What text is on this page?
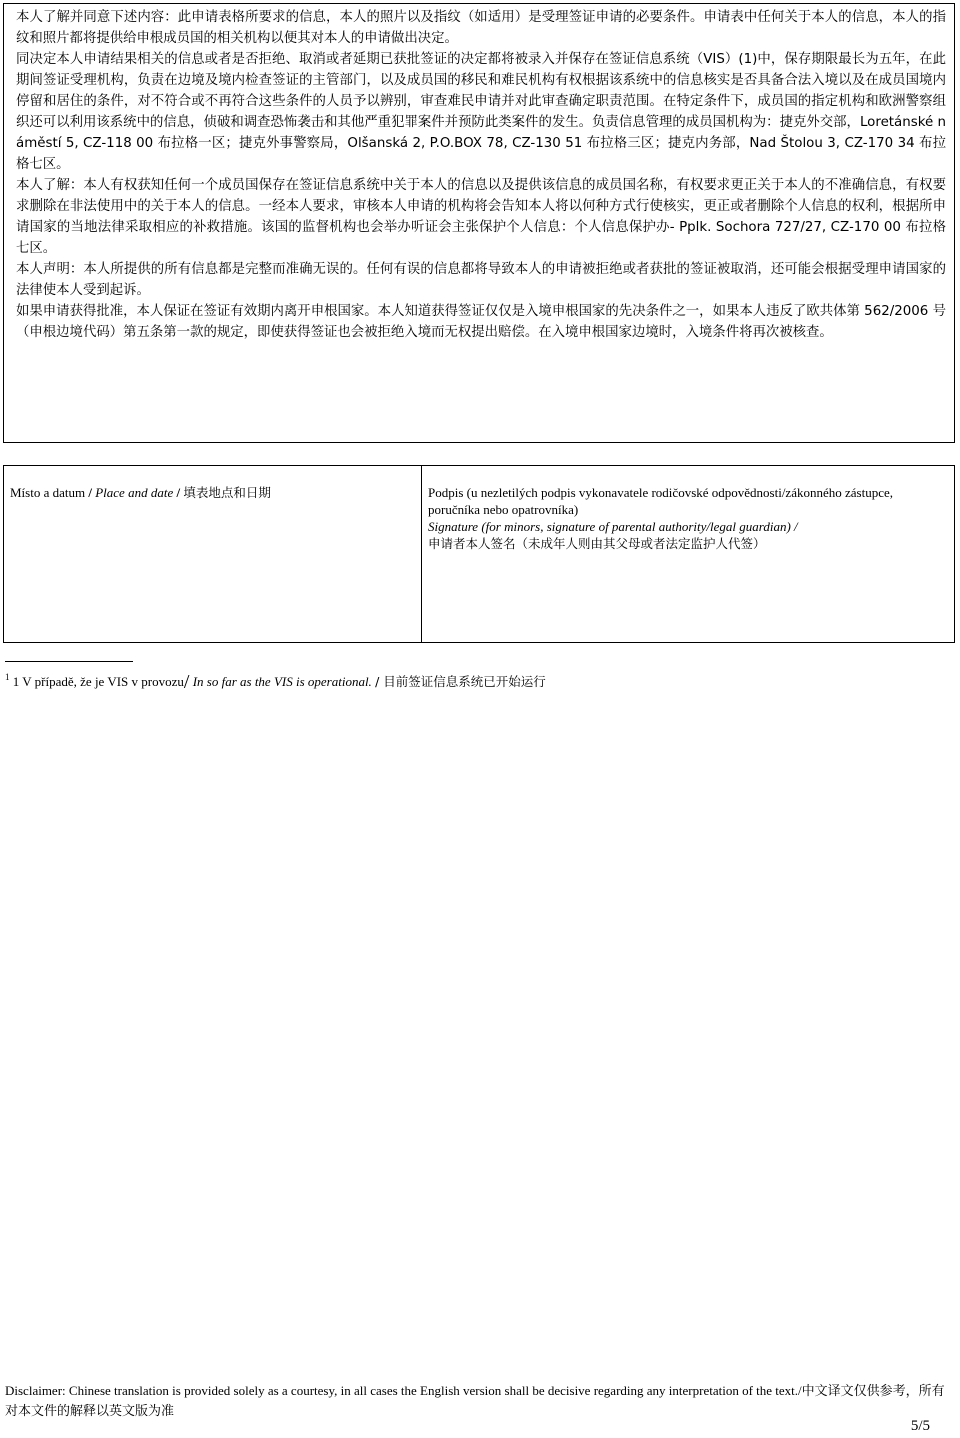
本人了解并同意下述内容：此申请表格所要求的信息，本人的照片以及指纹（如适用）是受理签证申请的必要条件。申请表中任何关于本人的信息，本人的指纹和照片都将提供给申根成员国的相关机构以便其对本人的申请做出决定。

同决定本人申请结果相关的信息或者是否拒绝、取消或者延期已获批签证的决定都将被录入并保存在签证信息系统（VIS）(1)中，保存期限最长为五年，在此期间签证受理机构，负责在边境及境内检查签证的主管部门，以及成员国的移民和难民机构有权根据该系统中的信息核实是否具备合法入境以及在成员国境内停留和居住的条件，对不符合或不再符合这些条件的人员予以辨别，审查难民申请并对此审查确定职责范围。在特定条件下，成员国的指定机构和欧洲警察组织还可以利用该系统中的信息，侦破和调查恐怖袭击和其他严重犯罪案件并预防此类案件的发生。负责信息管理的成员国机构为：捷克外交部，Loretánské náměstí 5, CZ-118 00 布拉格一区；捷克外事警察局，Olšanská 2, P.O.BOX 78, CZ-130 51 布拉格三区；捷克内务部，Nad Štolou 3, CZ-170 34 布拉格七区。

本人了解：本人有权获知任何一个成员国保存在签证信息系统中关于本人的信息以及提供该信息的成员国名称，有权要求更正关于本人的不准确信息，有权要求删除在非法使用中的关于本人的信息。一经本人要求，审核本人申请的机构将会告知本人将以何种方式行使核实，更正或者删除个人信息的权利，根据所申请国家的当地法律采取相应的补救措施。该国的监督机构也会举办听证会主张保护个人信息：个人信息保护办- Pplk. Sochora 727/27, CZ-170 00 布拉格七区。

本人声明：本人所提供的所有信息都是完整而准确无误的。任何有误的信息都将导致本人的申请被拒绝或者获批的签证被取消，还可能会根据受理申请国家的法律使本人受到起诉。

如果申请获得批准，本人保证在签证有效期内离开申根国家。本人知道获得签证仅仅是入境申根国家的先决条件之一，如果本人违反了欧共体第 562/2006 号（申根边境代码）第五条第一款的规定，即使获得签证也会被拒绝入境而无权提出赔偿。在入境申根国家边境时，入境条件将再次被核查。

Místo a datum / Place and date / 填表地点和日期	Podpis (u nezletilých podpis vykonavatele rodičovské odpovědnosti/zákonného zástupce, poručníka nebo opatrovníka)
Signature (for minors, signature of parental authority/legal guardian) /
申请者本人签名（未成年人则由其父母或者法定监护人代签）
$^1$ 1 V případě, že je VIS v provozu/ In so far as the VIS is operational. / 目前签证信息系统已开始运行
Disclaimer: Chinese translation is provided solely as a courtesy, in all cases the English version shall be decisive regarding any interpretation of the text./中文译文仅供参考，所有对本文件的解释以英文版为准
5/5
